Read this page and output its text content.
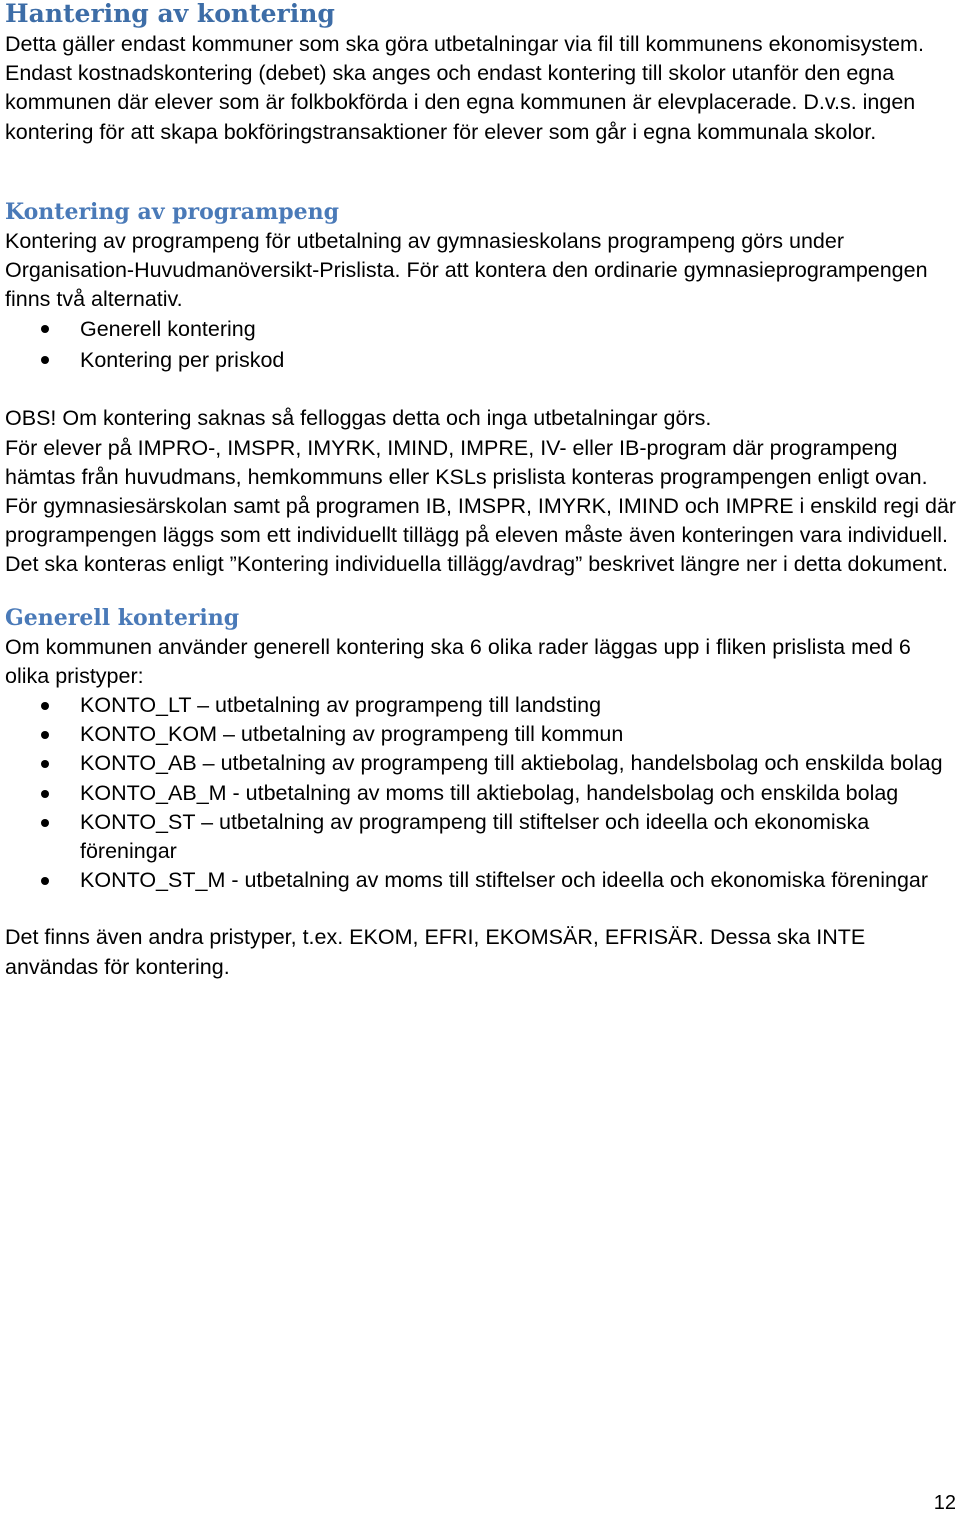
Hantering av kontering

Detta gäller endast kommuner som ska göra utbetalningar via fil till kommunens ekonomisystem.

Endast kostnadskontering (debet) ska anges och endast kontering till skolor utanför den egna kommunen där elever som är folkbokförda i den egna kommunen är elevplacerade. D.v.s. ingen kontering för att skapa bokföringstransaktioner för elever som går i egna kommunala skolor.

Kontering av programpeng

Kontering av programpeng för utbetalning av gymnasieskolans programpeng görs under Organisation-Huvudmanöversikt-Prislista. För att kontera den ordinarie gymnasieprogrampengen finns två alternativ.

Generell kontering
Kontering per priskod

OBS! Om kontering saknas så felloggas detta och inga utbetalningar görs.

För elever på IMPRO-, IMSPR, IMYRK, IMIND, IMPRE, IV- eller IB-program där programpeng hämtas från huvudmans, hemkommuns eller KSLs prislista konteras programpengen enligt ovan.

För gymnasiesärskolan samt på programen IB, IMSPR, IMYRK, IMIND och IMPRE i enskild regi där programpengen läggs som ett individuellt tillägg på eleven måste även konteringen vara individuell. Det ska konteras enligt ”Kontering individuella tillägg/avdrag” beskrivet längre ner i detta dokument.

Generell kontering

Om kommunen använder generell kontering ska 6 olika rader läggas upp i fliken prislista med 6 olika pristyper:

KONTO_LT – utbetalning av programpeng till landsting
KONTO_KOM – utbetalning av programpeng till kommun
KONTO_AB – utbetalning av programpeng till aktiebolag, handelsbolag och enskilda bolag
KONTO_AB_M - utbetalning av moms till aktiebolag, handelsbolag och enskilda bolag
KONTO_ST – utbetalning av programpeng till stiftelser och ideella och ekonomiska föreningar
KONTO_ST_M - utbetalning av moms till stiftelser och ideella och ekonomiska föreningar

Det finns även andra pristyper, t.ex. EKOM, EFRI, EKOMSÄR, EFRISÄR. Dessa ska INTE användas för kontering.

12
